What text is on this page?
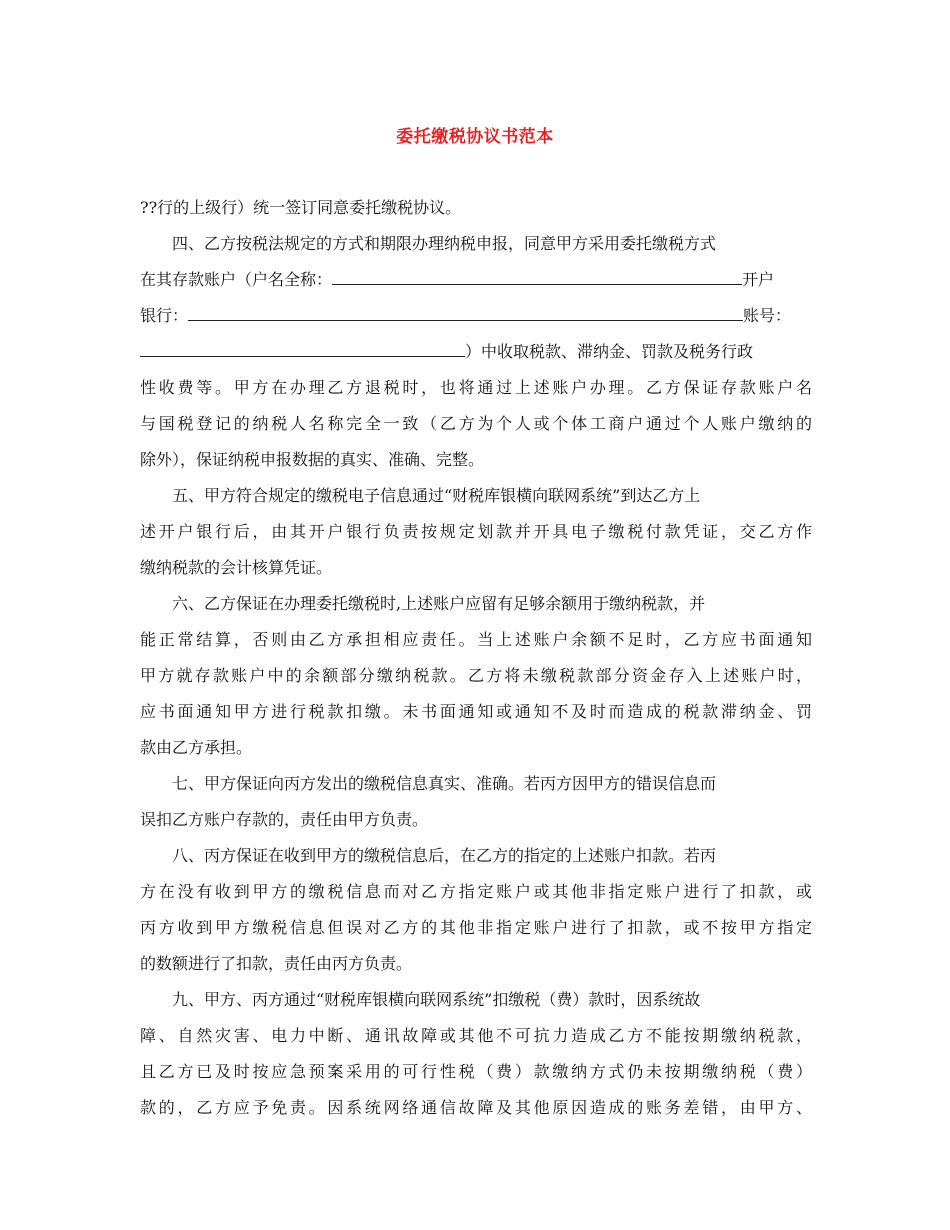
委托缴税协议书范本
??行的上级行）统一签订同意委托缴税协议。
四、乙方按税法规定的方式和期限办理纳税申报，同意甲方采用委托缴税方式
在其存款账户（户名全称：	开户
银行：	账号：
）中收取税款、滞纳金、罚款及税务行政
性收费等。甲方在办理乙方退税时，也将通过上述账户办理。乙方保证存款账户名
与国税登记的纳税人名称完全一致（乙方为个人或个体工商户通过个人账户缴纳的
除外），保证纳税申报数据的真实、准确、完整。
五、甲方符合规定的缴税电子信息通过“财税库银横向联网系统”到达乙方上
述开户银行后，由其开户银行负责按规定划款并开具电子缴税付款凭证，交乙方作
缴纳税款的会计核算凭证。
六、乙方保证在办理委托缴税时,上述账户应留有足够余额用于缴纳税款，并
能正常结算，否则由乙方承担相应责任。当上述账户余额不足时，乙方应书面通知
甲方就存款账户中的余额部分缴纳税款。乙方将未缴税款部分资金存入上述账户时，
应书面通知甲方进行税款扣缴。未书面通知或通知不及时而造成的税款滞纳金、罚
款由乙方承担。
七、甲方保证向丙方发出的缴税信息真实、准确。若丙方因甲方的错误信息而
误扣乙方账户存款的，责任由甲方负责。
八、丙方保证在收到甲方的缴税信息后，在乙方的指定的上述账户扣款。若丙
方在没有收到甲方的缴税信息而对乙方指定账户或其他非指定账户进行了扣款，或
丙方收到甲方缴税信息但误对乙方的其他非指定账户进行了扣款，或不按甲方指定
的数额进行了扣款，责任由丙方负责。
九、甲方、丙方通过“财税库银横向联网系统”扣缴税（费）款时，因系统故
障、自然灾害、电力中断、通讯故障或其他不可抗力造成乙方不能按期缴纳税款，
且乙方已及时按应急预案采用的可行性税（费）款缴纳方式仍未按期缴纳税（费）
款的，乙方应予免责。因系统网络通信故障及其他原因造成的账务差错，由甲方、
